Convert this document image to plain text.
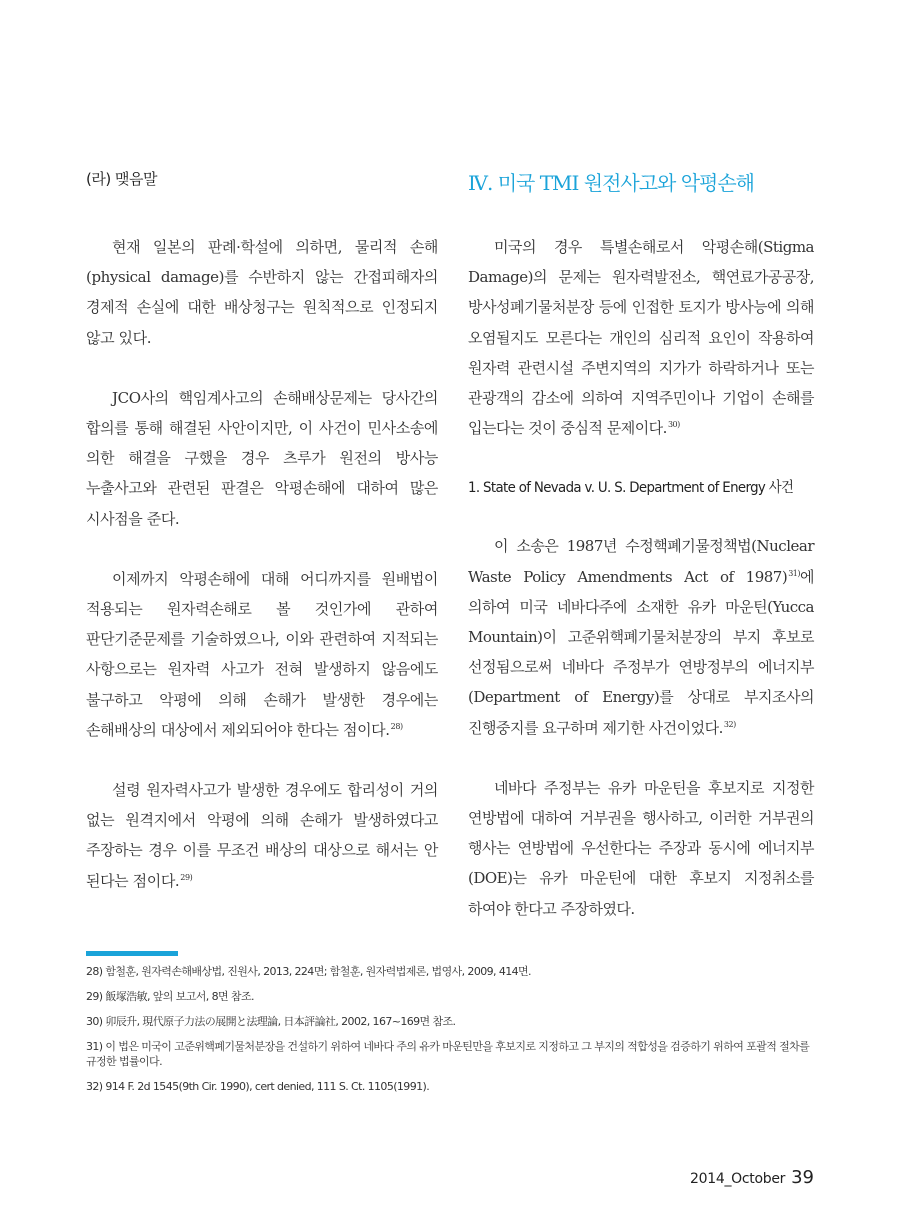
(라) 맺음말

현재 일본의 판례·학설에 의하면, 물리적 손해(physical damage)를 수반하지 않는 간접피해자의 경제적 손실에 대한 배상청구는 원칙적으로 인정되지 않고 있다.

JCO사의 핵임계사고의 손해배상문제는 당사간의 합의를 통해 해결된 사안이지만, 이 사건이 민사소송에 의한 해결을 구했을 경우 츠루가 원전의 방사능 누출사고와 관련된 판결은 악평손해에 대하여 많은 시사점을 준다.

이제까지 악평손해에 대해 어디까지를 원배법이 적용되는 원자력손해로 볼 것인가에 관하여 판단기준문제를 기술하였으나, 이와 관련하여 지적되는 사항으로는 원자력 사고가 전혀 발생하지 않음에도 불구하고 악평에 의해 손해가 발생한 경우에는 손해배상의 대상에서 제외되어야 한다는 점이다.$^{28)}$

설령 원자력사고가 발생한 경우에도 합리성이 거의 없는 원격지에서 악평에 의해 손해가 발생하였다고 주장하는 경우 이를 무조건 배상의 대상으로 해서는 안 된다는 점이다.$^{29)}$

Ⅳ. 미국 TMI 원전사고와 악평손해

미국의 경우 특별손해로서 악평손해(Stigma Damage)의 문제는 원자력발전소, 핵연료가공공장, 방사성폐기물처분장 등에 인접한 토지가 방사능에 의해 오염될지도 모른다는 개인의 심리적 요인이 작용하여 원자력 관련시설 주변지역의 지가가 하락하거나 또는 관광객의 감소에 의하여 지역주민이나 기업이 손해를 입는다는 것이 중심적 문제이다.$^{30)}$

1. State of Nevada v. U. S. Department of Energy 사건

이 소송은 1987년 수정핵폐기물정책법(Nuclear Waste Policy Amendments Act of 1987)$^{31)}$에 의하여 미국 네바다주에 소재한 유카 마운틴(Yucca Mountain)이 고준위핵폐기물처분장의 부지 후보로 선정됨으로써 네바다 주정부가 연방정부의 에너지부(Department of Energy)를 상대로 부지조사의 진행중지를 요구하며 제기한 사건이었다.$^{32)}$

네바다 주정부는 유카 마운틴을 후보지로 지정한 연방법에 대하여 거부권을 행사하고, 이러한 거부권의 행사는 연방법에 우선한다는 주장과 동시에 에너지부(DOE)는 유카 마운틴에 대한 후보지 지정취소를 하여야 한다고 주장하였다.

28) 함철훈, 원자력손해배상법, 진원사, 2013, 224면; 함철훈, 원자력법제론, 법영사, 2009, 414면.
29) 飯塚浩敏, 앞의 보고서, 8면 참조.
30) 卯辰升, 現代原子力法の展開と法理論, 日本評論社, 2002, 167~169면 참조.
31) 이 법은 미국이 고준위핵폐기물처분장을 건설하기 위하여 네바다 주의 유카 마운틴만을 후보지로 지정하고 그 부지의 적합성을 검증하기 위하여 포괄적 절차를 규정한 법률이다.
32) 914 F. 2d 1545(9th Cir. 1990), cert denied, 111 S. Ct. 1105(1991).
2014_October 39
